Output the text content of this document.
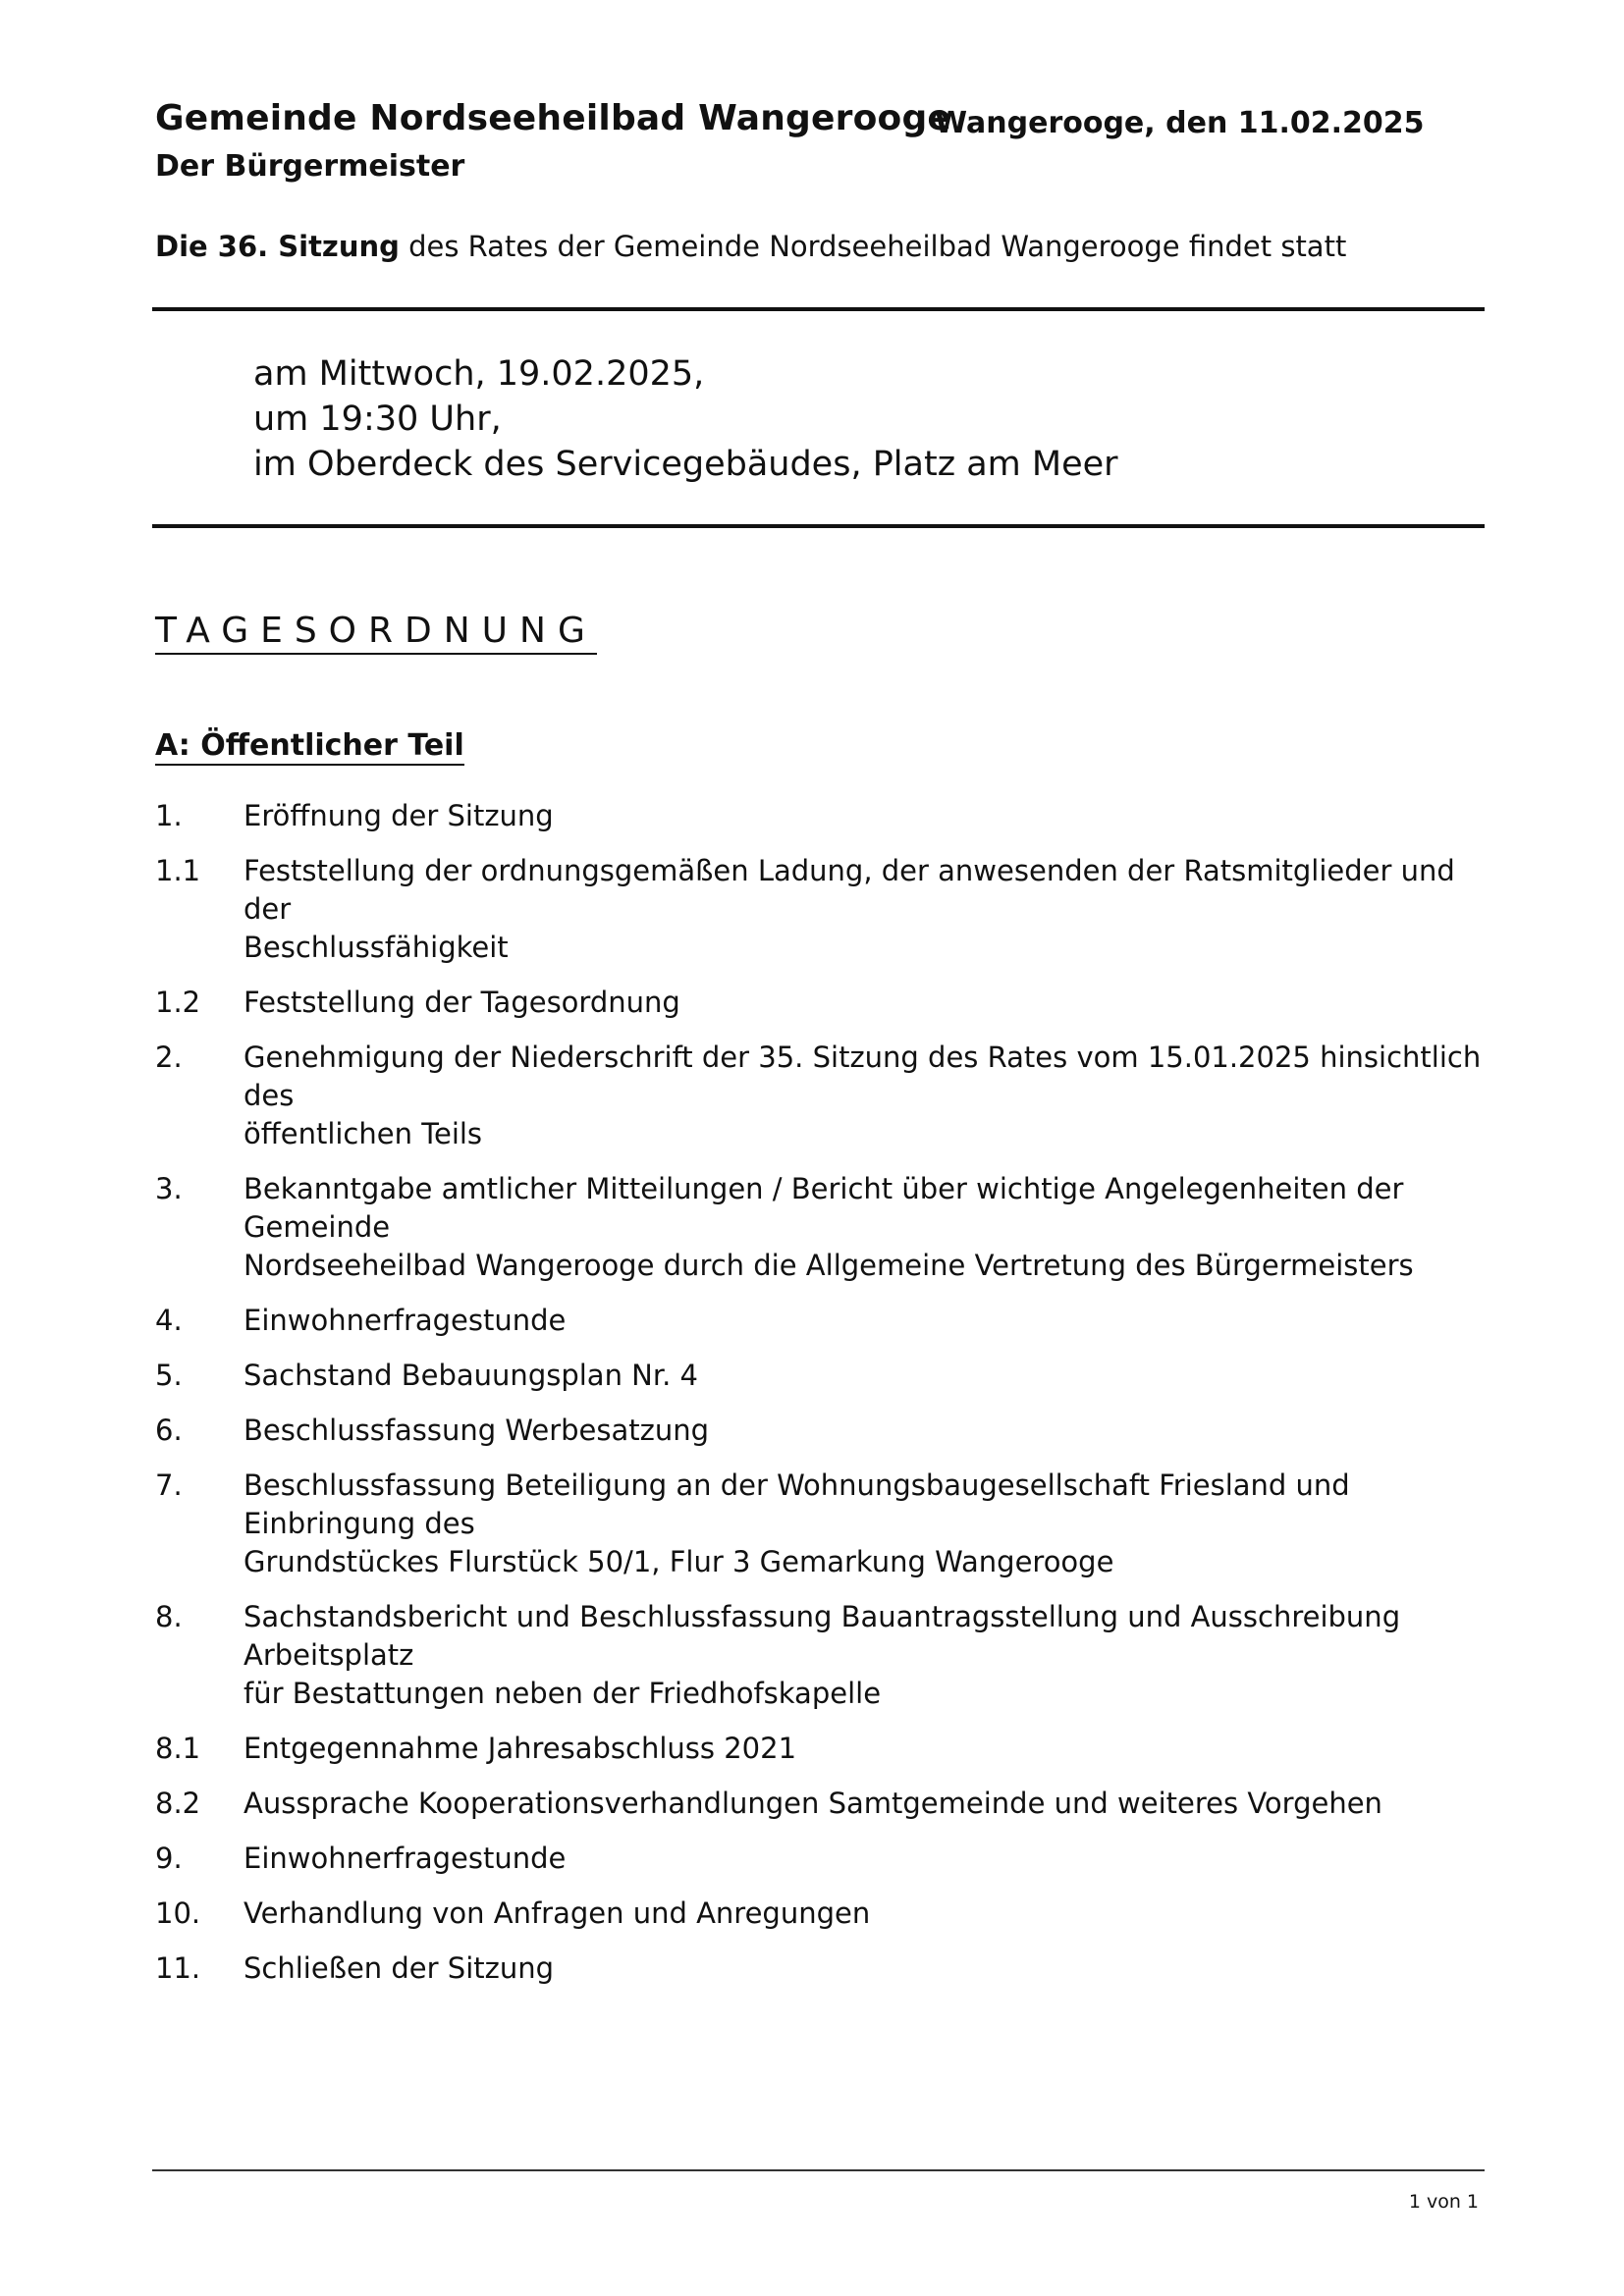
Gemeinde Nordseeheilbad Wangerooge
Der Bürgermeister
Wangerooge, den 11.02.2025
Die 36. Sitzung des Rates der Gemeinde Nordseeheilbad Wangerooge findet statt
am Mittwoch, 19.02.2025,
um 19:30 Uhr,
im Oberdeck des Servicegebäudes, Platz am Meer
TAGESORDNUNG
A: Öffentlicher Teil
1.	Eröffnung der Sitzung
1.1	Feststellung der ordnungsgemäßen Ladung, der anwesenden der Ratsmitglieder und der
Beschlussfähigkeit
1.2	Feststellung der Tagesordnung
2.	Genehmigung der Niederschrift der 35. Sitzung des Rates vom 15.01.2025 hinsichtlich des
öffentlichen Teils
3.	Bekanntgabe amtlicher Mitteilungen / Bericht über wichtige Angelegenheiten der Gemeinde
Nordseeheilbad Wangerooge durch die Allgemeine Vertretung des Bürgermeisters
4.	Einwohnerfragestunde
5.	Sachstand Bebauungsplan Nr. 4
6.	Beschlussfassung Werbesatzung
7.	Beschlussfassung Beteiligung an der Wohnungsbaugesellschaft Friesland und Einbringung des
Grundstückes Flurstück 50/1, Flur 3 Gemarkung Wangerooge
8.	Sachstandsbericht und Beschlussfassung Bauantragsstellung und Ausschreibung Arbeitsplatz
für Bestattungen neben der Friedhofskapelle
8.1	Entgegennahme Jahresabschluss 2021
8.2	Aussprache Kooperationsverhandlungen Samtgemeinde und weiteres Vorgehen
9.	Einwohnerfragestunde
10.	Verhandlung von Anfragen und Anregungen
11.	Schließen der Sitzung
1 von 1
